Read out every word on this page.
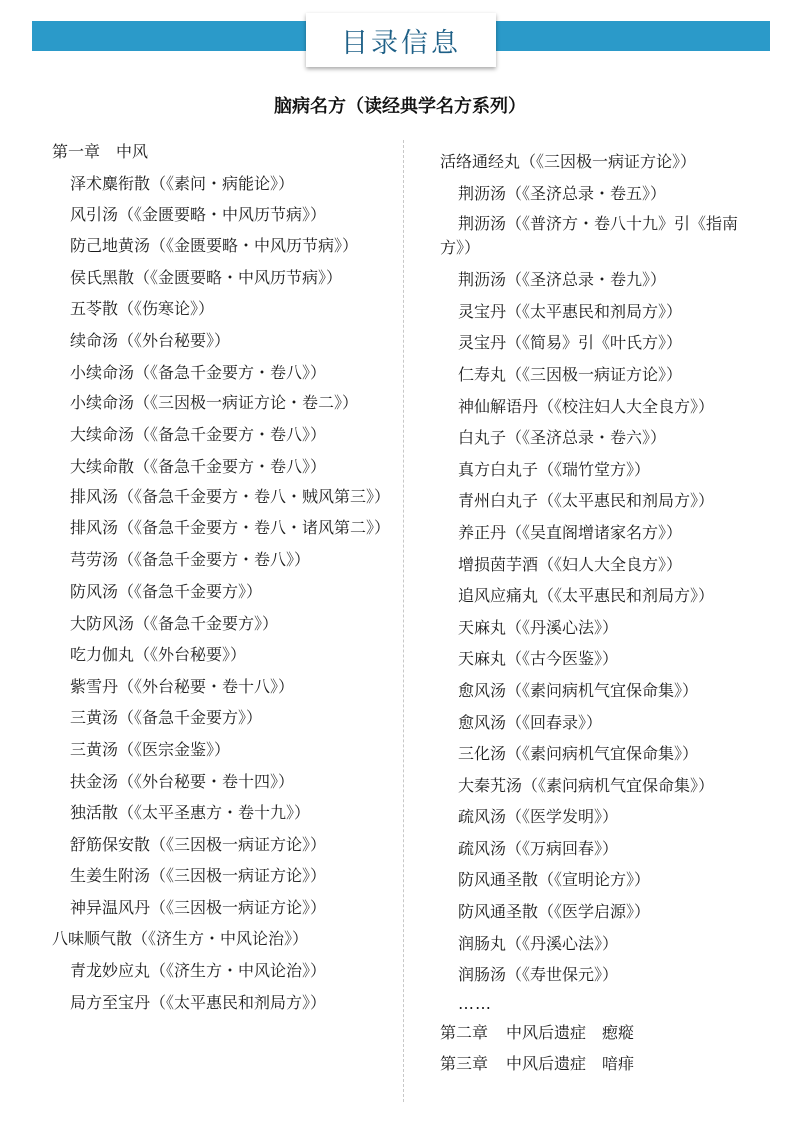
目录信息
脑病名方（读经典学名方系列）
第一章　中风
泽术麋衔散（《素问・病能论》）
风引汤（《金匮要略・中风历节病》）
防己地黄汤（《金匮要略・中风历节病》）
侯氏黑散（《金匮要略・中风历节病》）
五苓散（《伤寒论》）
续命汤（《外台秘要》）
小续命汤（《备急千金要方・卷八》）
小续命汤（《三因极一病证方论・卷二》）
大续命汤（《备急千金要方・卷八》）
大续命散（《备急千金要方・卷八》）
排风汤（《备急千金要方・卷八・贼风第三》）
排风汤（《备急千金要方・卷八・诸风第二》）
芎劳汤（《备急千金要方・卷八》）
防风汤（《备急千金要方》）
大防风汤（《备急千金要方》）
吃力伽丸（《外台秘要》）
紫雪丹（《外台秘要・卷十八》）
三黄汤（《备急千金要方》）
三黄汤（《医宗金鉴》）
扶金汤（《外台秘要・卷十四》）
独活散（《太平圣惠方・卷十九》）
舒筋保安散（《三因极一病证方论》）
生姜生附汤（《三因极一病证方论》）
神异温风丹（《三因极一病证方论》）
八味顺气散（《济生方・中风论治》）
青龙妙应丸（《济生方・中风论治》）
局方至宝丹（《太平惠民和剂局方》）
活络通经丸（《三因极一病证方论》）
荆沥汤（《圣济总录・卷五》）
荆沥汤（《普济方・卷八十九》引《指南方》）
荆沥汤（《圣济总录・卷九》）
灵宝丹（《太平惠民和剂局方》）
灵宝丹（《简易》引《叶氏方》）
仁寿丸（《三因极一病证方论》）
神仙解语丹（《校注妇人大全良方》）
白丸子（《圣济总录・卷六》）
真方白丸子（《瑞竹堂方》）
青州白丸子（《太平惠民和剂局方》）
养正丹（《吴直阁增诸家名方》）
增损茵芋酒（《妇人大全良方》）
追风应痛丸（《太平惠民和剂局方》）
天麻丸（《丹溪心法》）
天麻丸（《古今医鉴》）
愈风汤（《素问病机气宜保命集》）
愈风汤（《回春录》）
三化汤（《素问病机气宜保命集》）
大秦艽汤（《素问病机气宜保命集》）
疏风汤（《医学发明》）
疏风汤（《万病回春》）
防风通圣散（《宣明论方》）
防风通圣散（《医学启源》）
润肠丸（《丹溪心法》）
润肠汤（《寿世保元》）
……
第二章 中风后遗症　瘛瘲
第三章 中风后遗症　喑痱
